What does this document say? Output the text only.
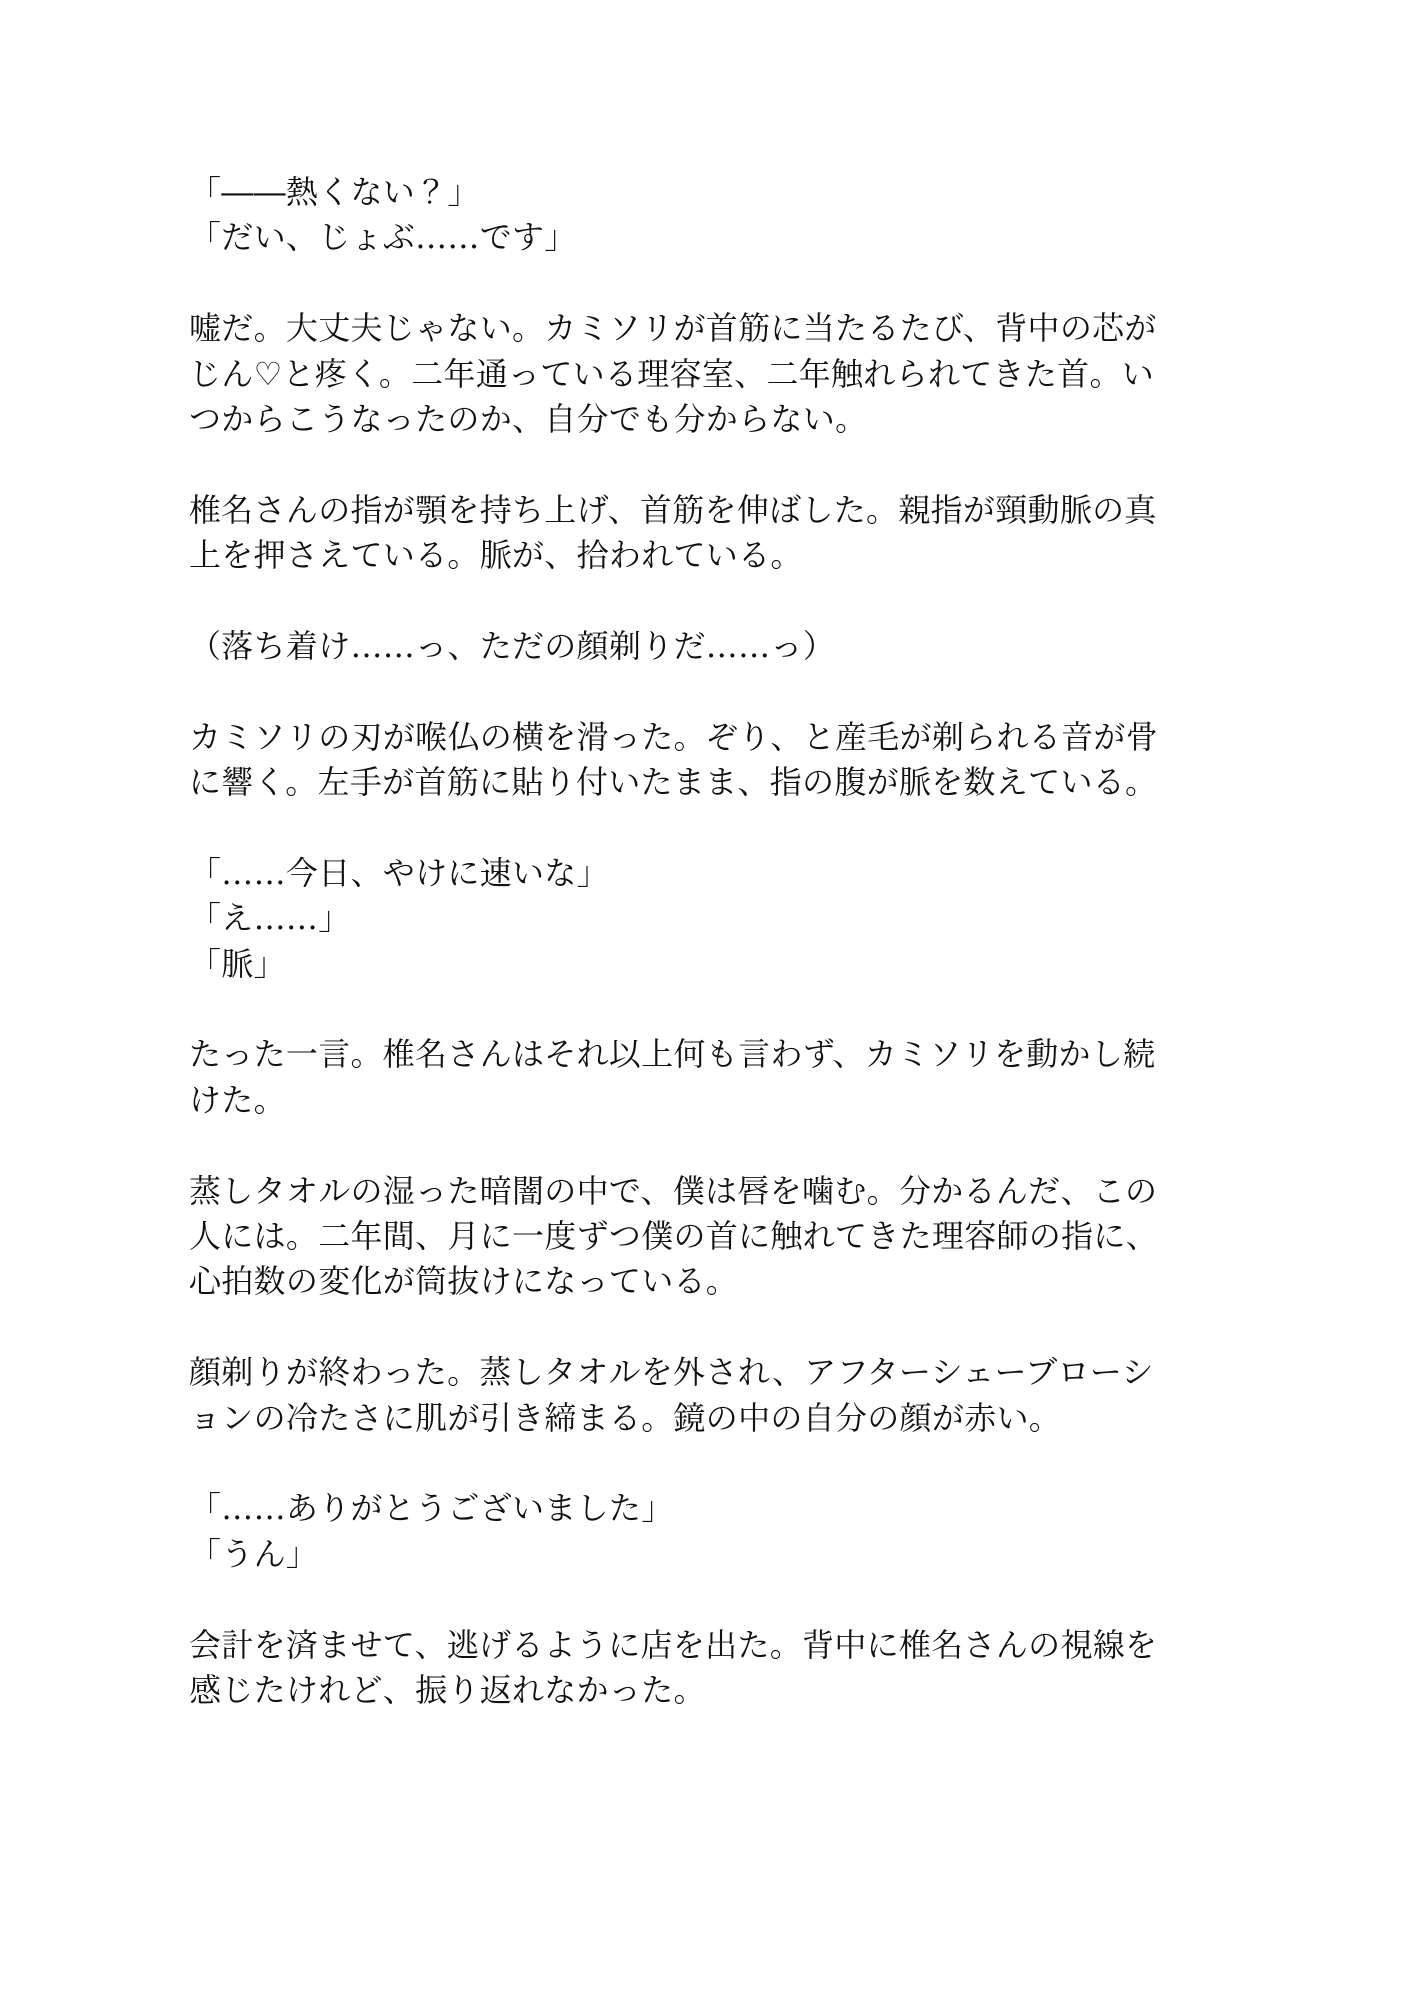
「――熱くない？」
「だい、じょぶ……です」
嘘だ。大丈夫じゃない。カミソリが首筋に当たるたび、背中の芯が
じん♡と疼く。二年通っている理容室、二年触れられてきた首。い
つからこうなったのか、自分でも分からない。
椎名さんの指が顎を持ち上げ、首筋を伸ばした。親指が頸動脈の真
上を押さえている。脈が、拾われている。
（落ち着け……っ、ただの顔剃りだ……っ）
カミソリの刃が喉仏の横を滑った。ぞり、と産毛が剃られる音が骨
に響く。左手が首筋に貼り付いたまま、指の腹が脈を数えている。
「……今日、やけに速いな」
「え……」
「脈」
たった一言。椎名さんはそれ以上何も言わず、カミソリを動かし続
けた。
蒸しタオルの湿った暗闇の中で、僕は唇を噛む。分かるんだ、この
人には。二年間、月に一度ずつ僕の首に触れてきた理容師の指に、
心拍数の変化が筒抜けになっている。
顔剃りが終わった。蒸しタオルを外され、アフターシェーブローシ
ョンの冷たさに肌が引き締まる。鏡の中の自分の顔が赤い。
「……ありがとうございました」
「うん」
会計を済ませて、逃げるように店を出た。背中に椎名さんの視線を
感じたけれど、振り返れなかった。
